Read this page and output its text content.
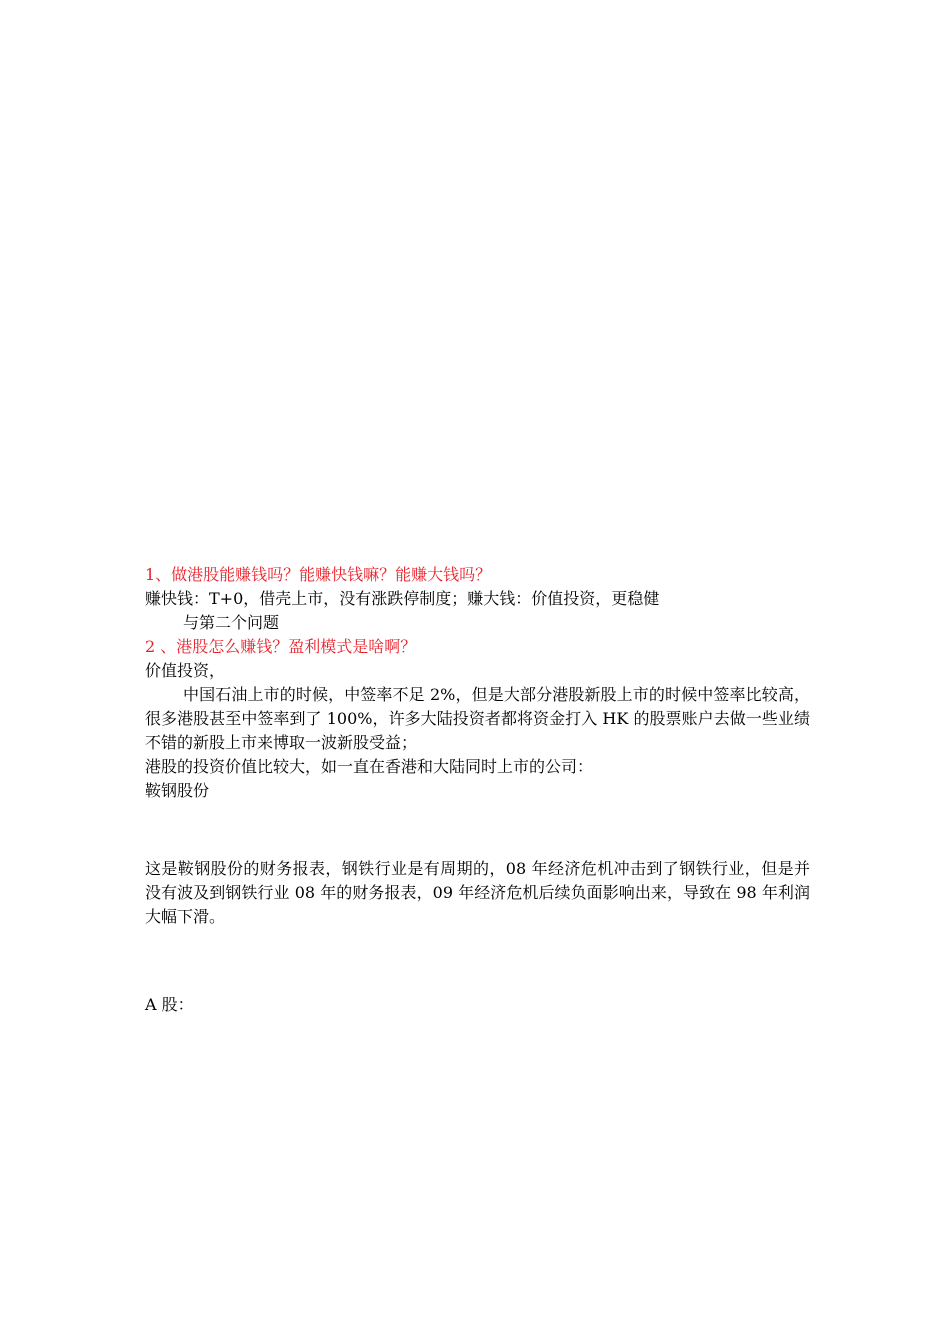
1、做港股能赚钱吗？能赚快钱嘛？能赚大钱吗？
赚快钱：T+0，借壳上市，没有涨跌停制度；赚大钱：价值投资，更稳健
与第二个问题
2 、港股怎么赚钱？盈利模式是啥啊？
价值投资，
中国石油上市的时候，中签率不足 2%，但是大部分港股新股上市的时候中签率比较高，很多港股甚至中签率到了 100%，许多大陆投资者都将资金打入 HK 的股票账户去做一些业绩不错的新股上市来博取一波新股受益；
港股的投资价值比较大，如一直在香港和大陆同时上市的公司：
鞍钢股份
这是鞍钢股份的财务报表，钢铁行业是有周期的，08 年经济危机冲击到了钢铁行业，但是并没有波及到钢铁行业 08 年的财务报表，09 年经济危机后续负面影响出来，导致在 98 年利润大幅下滑。
A 股：
